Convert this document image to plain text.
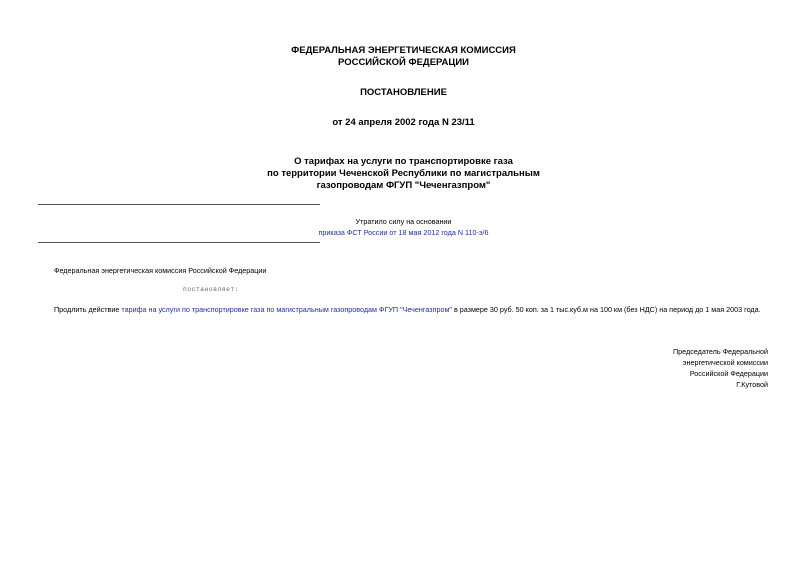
ФЕДЕРАЛЬНАЯ ЭНЕРГЕТИЧЕСКАЯ КОМИССИЯ
РОССИЙСКОЙ ФЕДЕРАЦИИ
ПОСТАНОВЛЕНИЕ
от 24 апреля 2002 года N 23/11
О тарифах на услуги по транспортировке газа
по территории Чеченской Республики по магистральным
газопроводам ФГУП "Чеченгазпром"
Утратило силу на основании
приказа ФСТ России от 18 мая 2012 года N 110-э/6
Федеральная энергетическая комиссия Российской Федерации
постановляет:
Продлить действие тарифа на услуги по транспортировке газа по магистральным газопроводам ФГУП "Чеченгазпром" в размере 30 руб. 50 коп. за 1 тыс.куб.м на 100 км (без НДС) на период до 1 мая 2003 года.
Председатель Федеральной
энергетической комиссии
Российской Федерации
Г.Кутовой
